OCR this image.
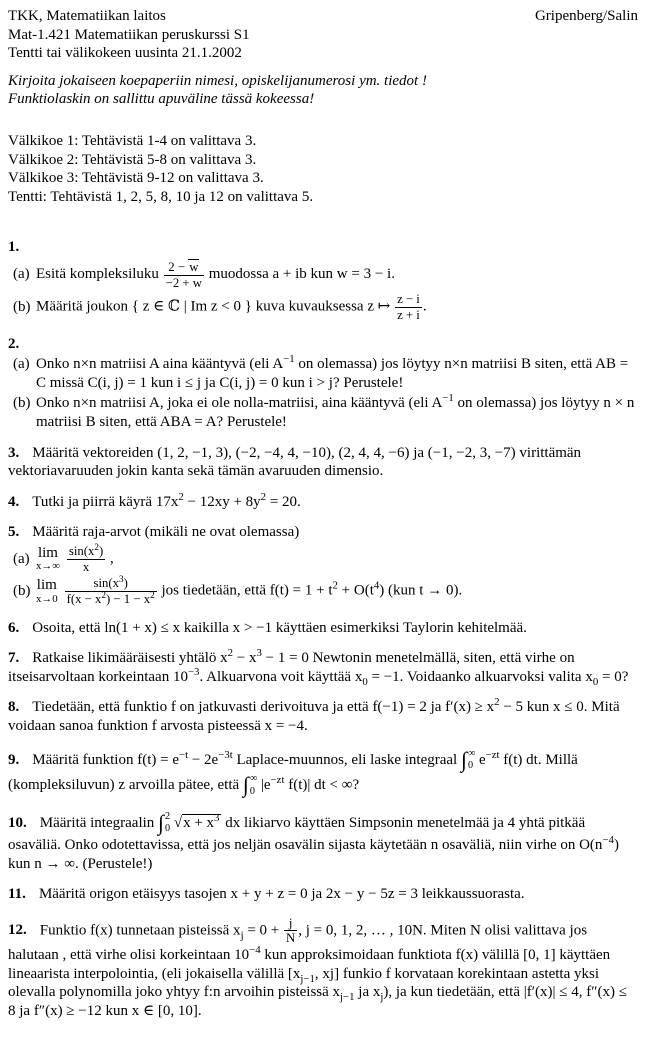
TKK, Matematiikan laitos	Gripenberg/Salin
Mat-1.421 Matematiikan peruskurssi S1
Tentti tai välikokeen uusinta 21.1.2002
Kirjoita jokaiseen koepaperiin nimesi, opiskelijanumerosi ym. tiedot !
Funktiolaskin on sallittu apuväline tässä kokeessa!
Välkikoe 1: Tehtävistä 1-4 on valittava 3.
Välkikoe 2: Tehtävistä 5-8 on valittava 3.
Välkikoe 3: Tehtävistä 9-12 on valittava 3.
Tentti: Tehtävistä 1, 2, 5, 8, 10 ja 12 on valittava 5.
1.
(a) Esitä kompleksiluku $\frac{2 - w}{-2 + w}$ muodossa a + ib kun w = 3 − i.
(b) Määritä joukon { z ∈ ℂ | Im z < 0 } kuva kuvauksessa z ↦ $\frac{z - i}{z + i}$ .
2.
(a) Onko n×n matriisi A aina kääntyvä (eli $A^{-1}$ on olemassa) jos löytyy n×n matriisi B siten, että AB = C missä C(i, j) = 1 kun i ≤ j ja C(i, j) = 0 kun i > j? Perustele!
(b) Onko n×n matriisi A, joka ei ole nolla-matriisi, aina kääntyvä (eli $A^{-1}$ on olemassa) jos löytyy n × n matriisi B siten, että ABA = A? Perustele!

3. Määritä vektoreiden (1, 2, −1, 3), (−2, −4, 4, −10), (2, 4, 4, −6) ja (−1, −2, 3, −7) virittämän vektoriavaruuden jokin kanta sekä tämän avaruuden dimensio.

4. Tutki ja piirrä käyrä $17x^2 - 12xy + 8y^2 = 20$.

5. Määritä raja-arvot (mikäli ne ovat olemassa)
(a) lim
$x\to\infty \frac{\sin(x^2)}{x}$ ,
(b) lim
$x\to 0 \frac{\sin(x^3)}{f(x - x^2) - 1 - x^2}$ jos tiedetään, että $f(t) = 1 + t^2 + O(t^4)$ (kun t → 0).

6. Osoita, että ln(1 + x) ≤ x kaikilla x > −1 käyttäen esimerkiksi Taylorin kehitelmää.

7. Ratkaise likimääräisesti yhtälö $x^2 - x^3 - 1 = 0$ Newtonin menetelmällä, siten, että virhe on itseisarvoltaan korkeintaan $10^{-3}$. Alkuarvona voit käyttää $x_0 = -1$. Voidaanko alkuarvoksi valita $x_0 = 0$?

8. Tiedetään, että funktio f on jatkuvasti derivoituva ja että f(−1) = 2 ja $f'(x) \ge x^2 - 5$ kun x ≤ 0. Mitä voidaan sanoa funktion f arvosta pisteessä x = −4.

9. Määritä funktion $f(t) = e^{-t} - 2e^{-3t}$ Laplace-muunnos, eli laske integraal ∫ ∞
0 $e^{-zt}$ f(t) dt. Millä (kompleksiluvun) z arvoilla pätee, että ∫ ∞
0 $|e^{-zt}$ f(t)| dt < ∞?

10. Määritä integraalin ∫ 2
0 $√x + x^3$ dx likiarvo käyttäen Simpsonin menetelmää ja 4 yhtä pitkää osaväliä. Onko odotettavissa, että jos neljän osavälin sijasta käytetään n osaväliä, niin virhe on $O(n^{-4})$ kun n → ∞. (Perustele!)

11. Määritä origon etäisyys tasojen x + y + z = 0 ja 2x − y − 5z = 3 leikkaussuorasta.

12. Funktio f(x) tunnetaan pisteissä $x_j = 0 + \frac{j}{N}$ , j = 0, 1, 2, … , 10N. Miten N olisi valittava jos halutaan , että virhe olisi korkeintaan $10^{-4}$ kun approksimoidaan funktiota f(x) välillä [0, 1] käyttäen lineaarista interpolointia, (eli jokaisella välillä [$x_{j-1}$, xj] funkio f korvataan korekintaan astetta yksi olevalla polynomilla joko yhtyy f:n arvoihin pisteissä $x_{j-1}$ ja $x_j$), ja kun tiedetään, että |f′(x)| ≤ 4, f″(x) ≤ 8 ja f″(x) ≥ −12 kun x ∈ [0, 10].
